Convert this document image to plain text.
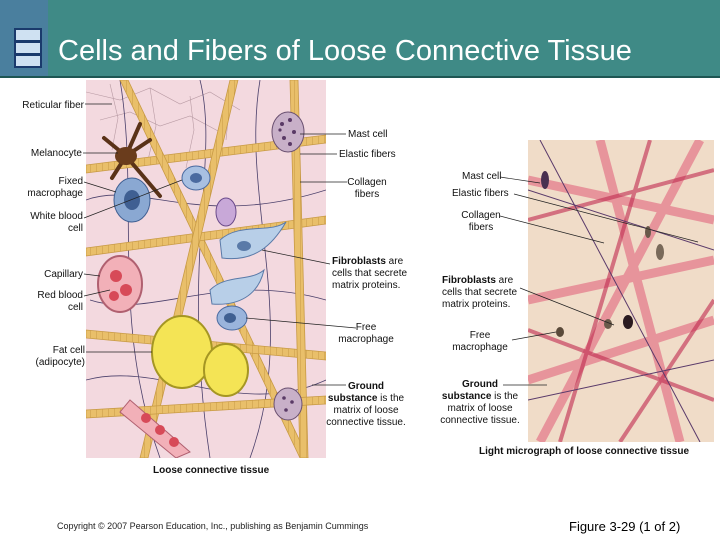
Cells and Fibers of Loose Connective Tissue
Reticular fiber
Melanocyte
Fixed macrophage
White blood cell
Capillary
Red blood cell
Fat cell (adipocyte)
Mast cell
Elastic fibers
Collagen fibers
Fibroblasts are cells that secrete matrix proteins.
Free macrophage
Ground substance is the matrix of loose connective tissue.
Loose connective tissue
Mast cell
Elastic fibers
Collagen fibers
Fibroblasts are cells that secrete matrix proteins.
Free macrophage
Ground substance is the matrix of loose connective tissue.
Light micrograph of loose connective tissue
Copyright © 2007 Pearson Education, Inc., publishing as Benjamin Cummings	Figure 3-29 (1 of 2)
